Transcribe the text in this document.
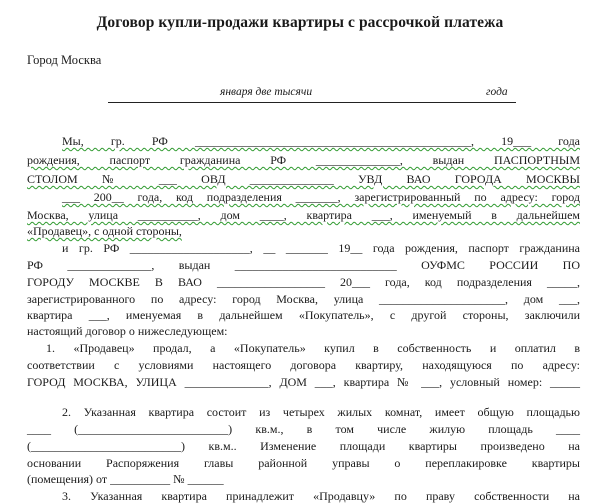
Договор купли-продажи квартиры с рассрочкой платежа
Город Москва
января две тысячи	года
Мы, гр. РФ ______________________________________________, 19___ года
рождения, паспорт гражданина РФ ______________, выдан ПАСПОРТНЫМ
СТОЛОМ № ___ ОВД ______________ УВД ВАО ГОРОДА МОСКВЫ
___ 200__ года, код подразделения _______, зарегистрированный по адресу: город
Москва, улица __________, дом ____, квартира ___, именуемый в дальнейшем
«Продавец», с одной стороны,
и гр. РФ ____________________, __ _______ 19__ года рождения, паспорт гражданина
РФ ______________, выдан ___________________________ ОУФМС РОССИИ ПО
ГОРОДУ МОСКВЕ В ВАО __________________ 20___ года, код подразделения _____,
зарегистрированного по адресу: город Москва, улица _____________________, дом ___,
квартира ___, именуемая в дальнейшем «Покупатель», с другой стороны, заключили
настоящий договор о нижеследующем:
1. «Продавец» продал, а «Покупатель» купил в собственность и оплатил в
соответствии с условиями настоящего договора квартиру, находящуюся по адресу:
ГОРОД МОСКВА, УЛИЦА ______________, ДОМ ___, квартира № ___, условный номер: _____
2. Указанная квартира состоит из четырех жилых комнат, имеет общую площадью
____ (_________________________) кв.м., в том числе жилую площадь ____
(_________________________) кв.м.. Изменение площади квартиры произведено на
основании Распоряжения главы районной управы о переплакировке квартиры
(помещения) от __________ № ______
3. Указанная квартира принадлежит «Продавцу» по праву собственности на
